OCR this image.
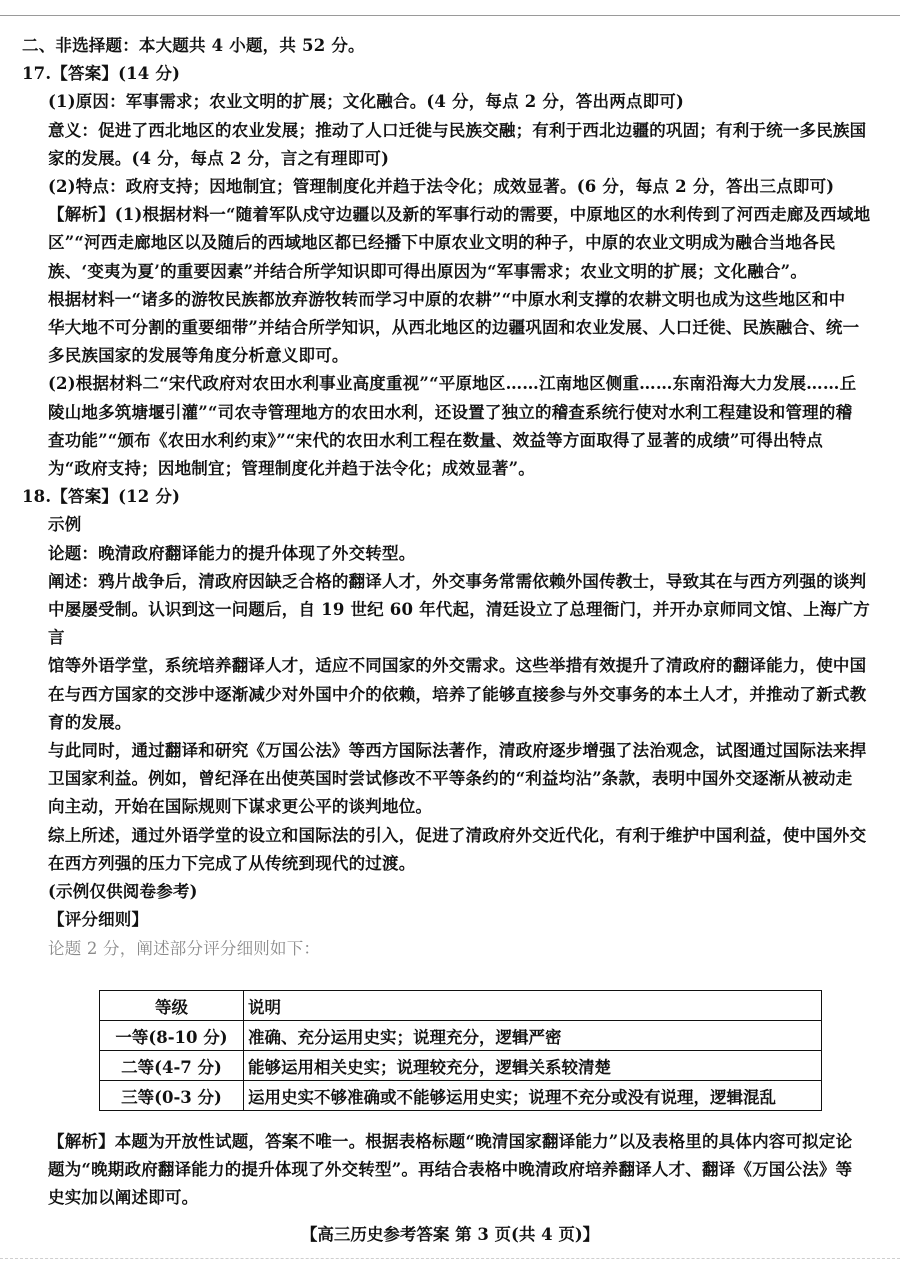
二、非选择题：本大题共 4 小题，共 52 分。

17.【答案】(14 分)

(1)原因：军事需求；农业文明的扩展；文化融合。(4 分，每点 2 分，答出两点即可)

意义：促进了西北地区的农业发展；推动了人口迁徙与民族交融；有利于西北边疆的巩固；有利于统一多民族国

家的发展。(4 分，每点 2 分，言之有理即可)

(2)特点：政府支持；因地制宜；管理制度化并趋于法令化；成效显著。(6 分，每点 2 分，答出三点即可)

【解析】(1)根据材料一“随着军队戍守边疆以及新的军事行动的需要，中原地区的水利传到了河西走廊及西域地

区”“河西走廊地区以及随后的西域地区都已经播下中原农业文明的种子，中原的农业文明成为融合当地各民

族、‘变夷为夏’的重要因素”并结合所学知识即可得出原因为“军事需求；农业文明的扩展；文化融合”。

根据材料一“诸多的游牧民族都放弃游牧转而学习中原的农耕”“中原水利支撑的农耕文明也成为这些地区和中

华大地不可分割的重要细带”并结合所学知识，从西北地区的边疆巩固和农业发展、人口迁徙、民族融合、统一

多民族国家的发展等角度分析意义即可。

(2)根据材料二“宋代政府对农田水利事业高度重视”“平原地区……江南地区侧重……东南沿海大力发展……丘

陵山地多筑塘堰引灌”“司农寺管理地方的农田水利，还设置了独立的稽查系统行使对水利工程建设和管理的稽

查功能”“颁布《农田水利约束》”“宋代的农田水利工程在数量、效益等方面取得了显著的成绩”可得出特点

为“政府支持；因地制宜；管理制度化并趋于法令化；成效显著”。

18.【答案】(12 分)

示例

论题：晚清政府翻译能力的提升体现了外交转型。

阐述：鸦片战争后，清政府因缺乏合格的翻译人才，外交事务常需依赖外国传教士，导致其在与西方列强的谈判

中屡屡受制。认识到这一问题后，自 19 世纪 60 年代起，清廷设立了总理衙门，并开办京师同文馆、上海广方言

馆等外语学堂，系统培养翻译人才，适应不同国家的外交需求。这些举措有效提升了清政府的翻译能力，使中国

在与西方国家的交涉中逐渐减少对外国中介的依赖，培养了能够直接参与外交事务的本土人才，并推动了新式教

育的发展。

与此同时，通过翻译和研究《万国公法》等西方国际法著作，清政府逐步增强了法治观念，试图通过国际法来捍

卫国家利益。例如，曾纪泽在出使英国时尝试修改不平等条约的“利益均沾”条款，表明中国外交逐渐从被动走

向主动，开始在国际规则下谋求更公平的谈判地位。

综上所述，通过外语学堂的设立和国际法的引入，促进了清政府外交近代化，有利于维护中国利益，使中国外交

在西方列强的压力下完成了从传统到现代的过渡。

(示例仅供阅卷参考)

【评分细则】

论题 2 分，阐述部分评分细则如下：

等级	说明
一等(8-10 分)	准确、充分运用史实；说理充分，逻辑严密
二等(4-7 分)	能够运用相关史实；说理较充分，逻辑关系较清楚
三等(0-3 分)	运用史实不够准确或不能够运用史实；说理不充分或没有说理，逻辑混乱

【解析】本题为开放性试题，答案不唯一。根据表格标题“晚清国家翻译能力”以及表格里的具体内容可拟定论

题为“晚期政府翻译能力的提升体现了外交转型”。再结合表格中晚清政府培养翻译人才、翻译《万国公法》等

史实加以阐述即可。

【高三历史参考答案 第 3 页(共 4 页)】
